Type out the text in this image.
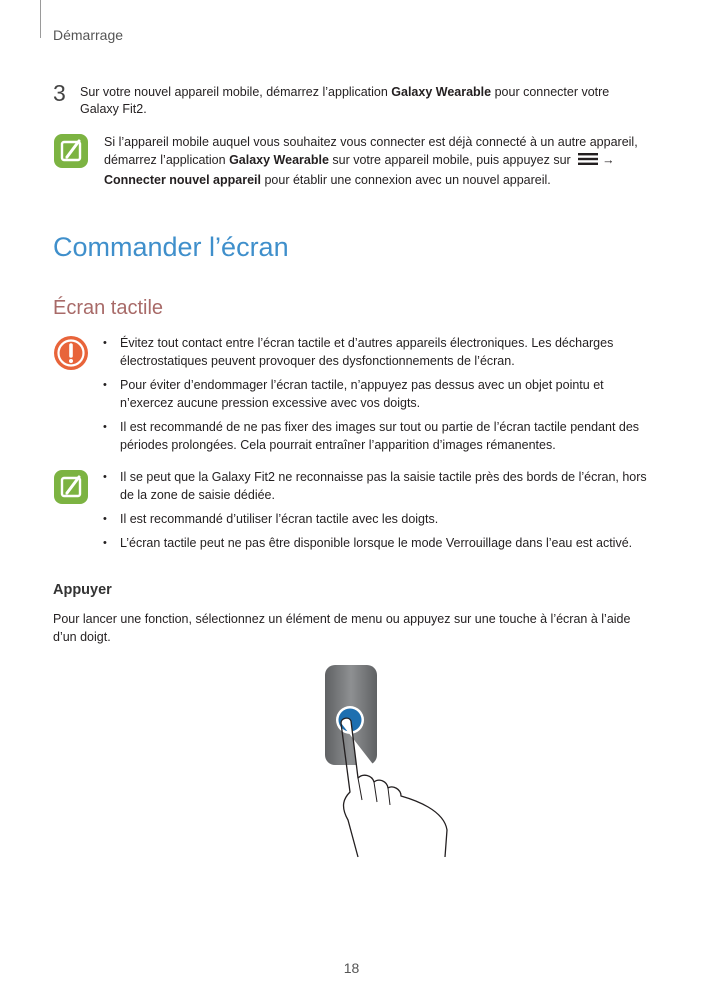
Démarrage
3 Sur votre nouvel appareil mobile, démarrez l’application Galaxy Wearable pour connecter votre Galaxy Fit2.

Si l’appareil mobile auquel vous souhaitez vous connecter est déjà connecté à un autre appareil, démarrez l’application Galaxy Wearable sur votre appareil mobile, puis appuyez sur →
Connecter nouvel appareil pour établir une connexion avec un nouvel appareil.

Commander l’écran
Écran tactile
• Évitez tout contact entre l’écran tactile et d’autres appareils électroniques. Les décharges électrostatiques peuvent provoquer des dysfonctionnements de l’écran.
• Pour éviter d’endommager l’écran tactile, n’appuyez pas dessus avec un objet pointu et n’exercez aucune pression excessive avec vos doigts.
• Il est recommandé de ne pas fixer des images sur tout ou partie de l’écran tactile pendant des périodes prolongées. Cela pourrait entraîner l’apparition d’images rémanentes.
• Il se peut que la Galaxy Fit2 ne reconnaisse pas la saisie tactile près des bords de l’écran, hors de la zone de saisie dédiée.
• Il est recommandé d’utiliser l’écran tactile avec les doigts.
• L’écran tactile peut ne pas être disponible lorsque le mode Verrouillage dans l’eau est activé.
Appuyer

Pour lancer une fonction, sélectionnez un élément de menu ou appuyez sur une touche à l’écran à l’aide d’un doigt.

18
